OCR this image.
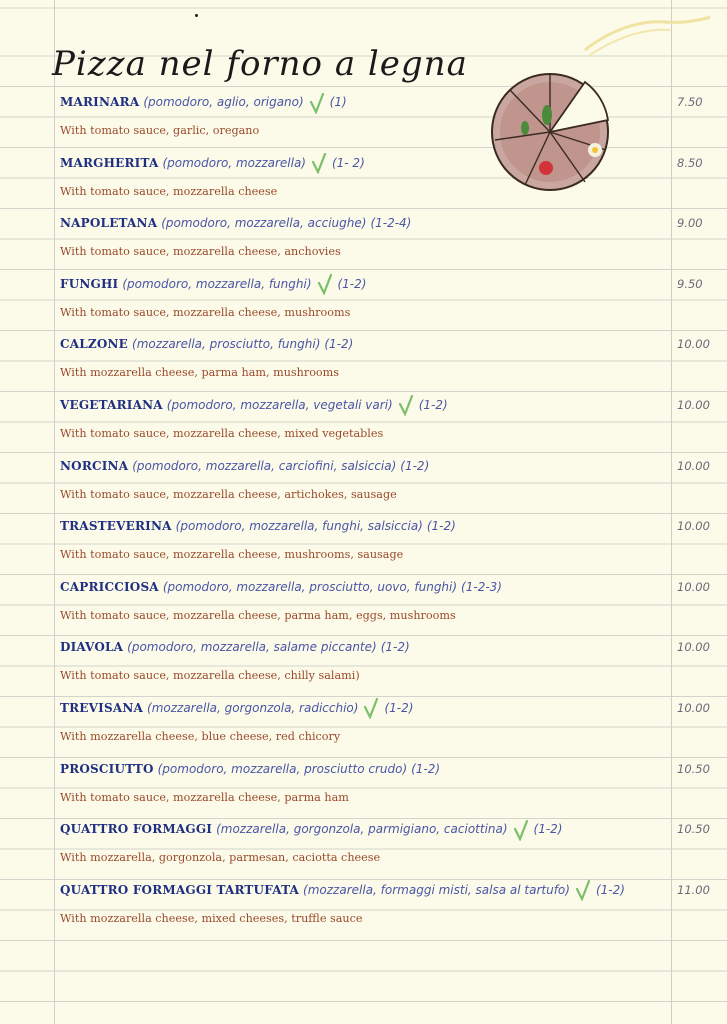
Pizza nel forno a legna
MARINARA (pomodoro, aglio, origano) (1)	7.50
With tomato sauce, garlic, oregano
MARGHERITA (pomodoro, mozzarella) (1- 2)	8.50
With tomato sauce, mozzarella cheese
NAPOLETANA (pomodoro, mozzarella, acciughe) (1-2-4)	9.00
With tomato sauce, mozzarella cheese, anchovies
FUNGHI (pomodoro, mozzarella, funghi) (1-2)	9.50
With tomato sauce, mozzarella cheese, mushrooms
CALZONE (mozzarella, prosciutto, funghi) (1-2)	10.00
With mozzarella cheese, parma ham, mushrooms
VEGETARIANA (pomodoro, mozzarella, vegetali vari) (1-2)	10.00
With tomato sauce, mozzarella cheese, mixed vegetables
NORCINA (pomodoro, mozzarella, carciofini, salsiccia) (1-2)	10.00
With tomato sauce, mozzarella cheese, artichokes, sausage
TRASTEVERINA (pomodoro, mozzarella, funghi, salsiccia) (1-2)	10.00
With tomato sauce, mozzarella cheese, mushrooms, sausage
CAPRICCIOSA (pomodoro, mozzarella, prosciutto, uovo, funghi) (1-2-3)	10.00
With tomato sauce, mozzarella cheese, parma ham, eggs, mushrooms
DIAVOLA (pomodoro, mozzarella, salame piccante) (1-2)	10.00
With tomato sauce, mozzarella cheese, chilly salami)
TREVISANA (mozzarella, gorgonzola, radicchio) (1-2)	10.00
With mozzarella cheese, blue cheese, red chicory
PROSCIUTTO (pomodoro, mozzarella, prosciutto crudo) (1-2)	10.50
With tomato sauce, mozzarella cheese, parma ham
QUATTRO FORMAGGI (mozzarella, gorgonzola, parmigiano, caciottina) (1-2)	10.50
With mozzarella, gorgonzola, parmesan, caciotta cheese
QUATTRO FORMAGGI TARTUFATA (mozzarella, formaggi misti, salsa al tartufo) (1-2)	11.00
With mozzarella cheese, mixed cheeses, truffle sauce
